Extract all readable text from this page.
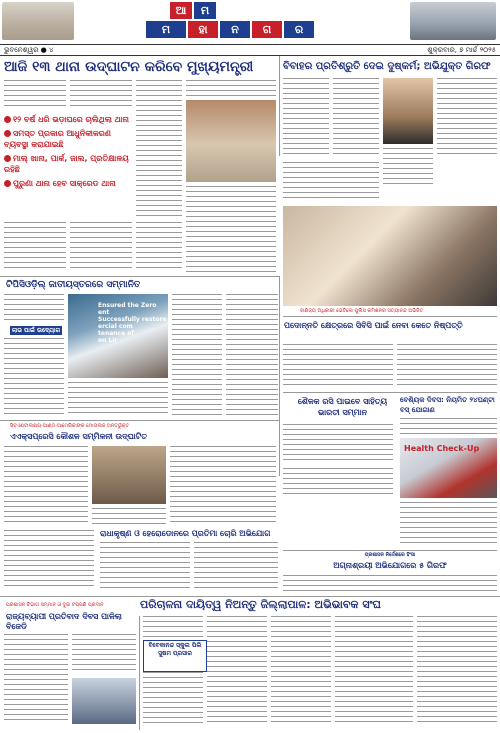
ଆ	ମ
ମ	ହା	ନ	ଗ	ର
ଭୁବନେଶ୍ୱର ● ୪	ଶୁକ୍ରବାର, ୭ ମାର୍ଚ୍ଚ ୨୦୨୫
ଆଜି ୧୩ ଥାନା ଉଦ୍‌ଘାଟନ କରିବେ ମୁଖ୍ୟମନ୍ତ୍ରୀ	ବିବାହର ପ୍ରତିଶ୍ରୁତି ଦେଇ ଦୁଷ୍କର୍ମ; ଅଭିଯୁକ୍ତ ଗିରଫ
୧୨ ବର୍ଷ ଧରି ଭଡ଼ାଘରେ ଚାଲିଥିଲା ଥାନା
ସମସ୍ତ ପ୍ରକାର ଆଧୁନିକୀକରଣ ବ୍ୟବସ୍ଥା କରାଯାଇଛି
ମାଲ୍ ଖାନା, ପାର୍କ, ଜାଲ, ପ୍ରତିକ୍ଷାଳୟ ରହିଛି
ପୁରୁଣା ଥାନା ହେବ ସାକ୍ରେଡ ଥାନା
ବାଣିଜ୍ୟ ଅଧିକାରୀ ଭେଟିଲେ ପୁଲିସ କମିଶନର ସତ୍ୟାନନ୍ଦ ଅଭିଜିତ
ଟିପିସିଓଡ଼ିଲ୍ ଜାତୀୟସ୍ତରରେ ସମ୍ମାନିତ
ଲାଭ ପାଇଁ ଉଦ୍ୟୋଗ
Ensured the Zero ent
Successfully restore
ercial com
tenance of
on Lir
ପଦୋନ୍ନତି କ୍ଷେତ୍ରରେ ସିବିସି ପାଇଁ ନେବା କେତେ ନିଷ୍ପତ୍ତି
ବେଶ୍ୟିକ ଦିବସ: ନିୟମିତ ୨୪ଘଣ୍ଟା ବସ୍ ଯୋଗାଣ
ଶୈଳକ ରସି ପାଇବେ ସାହିତ୍ୟ ଭାରତୀ ସମ୍ମାନ
Health Check-Up
ସିବଏଣ୍ଟାଲକ୍ଷ୍ୟ-ଆଣ୍ଡ-ଆମେରିକାଙ୍କ ମୋତାଲଜ ଅନ୍ତର୍ଭୁକ୍ତ
ଏଏକ୍ସପ୍ରେସି କୌଶଳ ସମ୍ମିଳନୀ ଉଦ୍‌ଘାଟିତ
ପ୍ରଶାସନ ନିର୍ଦ୍ଦେଶରେ ହିଂସା
ଅଗ୍ନାଶ୍ରୟୀ ଅଭିଯୋଗରେ ୫ ଗିରଫ
ରାଧାକୃଷ୍ଣ ଓ ହେରୋଡୋନରେ ପ୍ରତିମା ଚୋରି ଅଭିଯୋଗ
ପରିଚାଳନା ଦାୟିତ୍ୱ ନିଅନ୍ତୁ ଜିଲ୍ଲାପାଳ: ଅଭିଭାବକ ସଂଘ
ପ୍ରଶାସନ ବିଭାଗ ସମ୍ମାନ ଓ ଦୁଇ ଟପ୍ପଣି ପ୍ରଦାନ
ରାଜ୍ୟବ୍ୟାପୀ ପ୍ରତିବାଦ ଦିବସ ପାଳିଲା ବିଜେଡି
ବିବେକାନନ୍ଦ ସ୍କୁଲ ପିଲି ସୁଷମ ପ୍ରସାର
